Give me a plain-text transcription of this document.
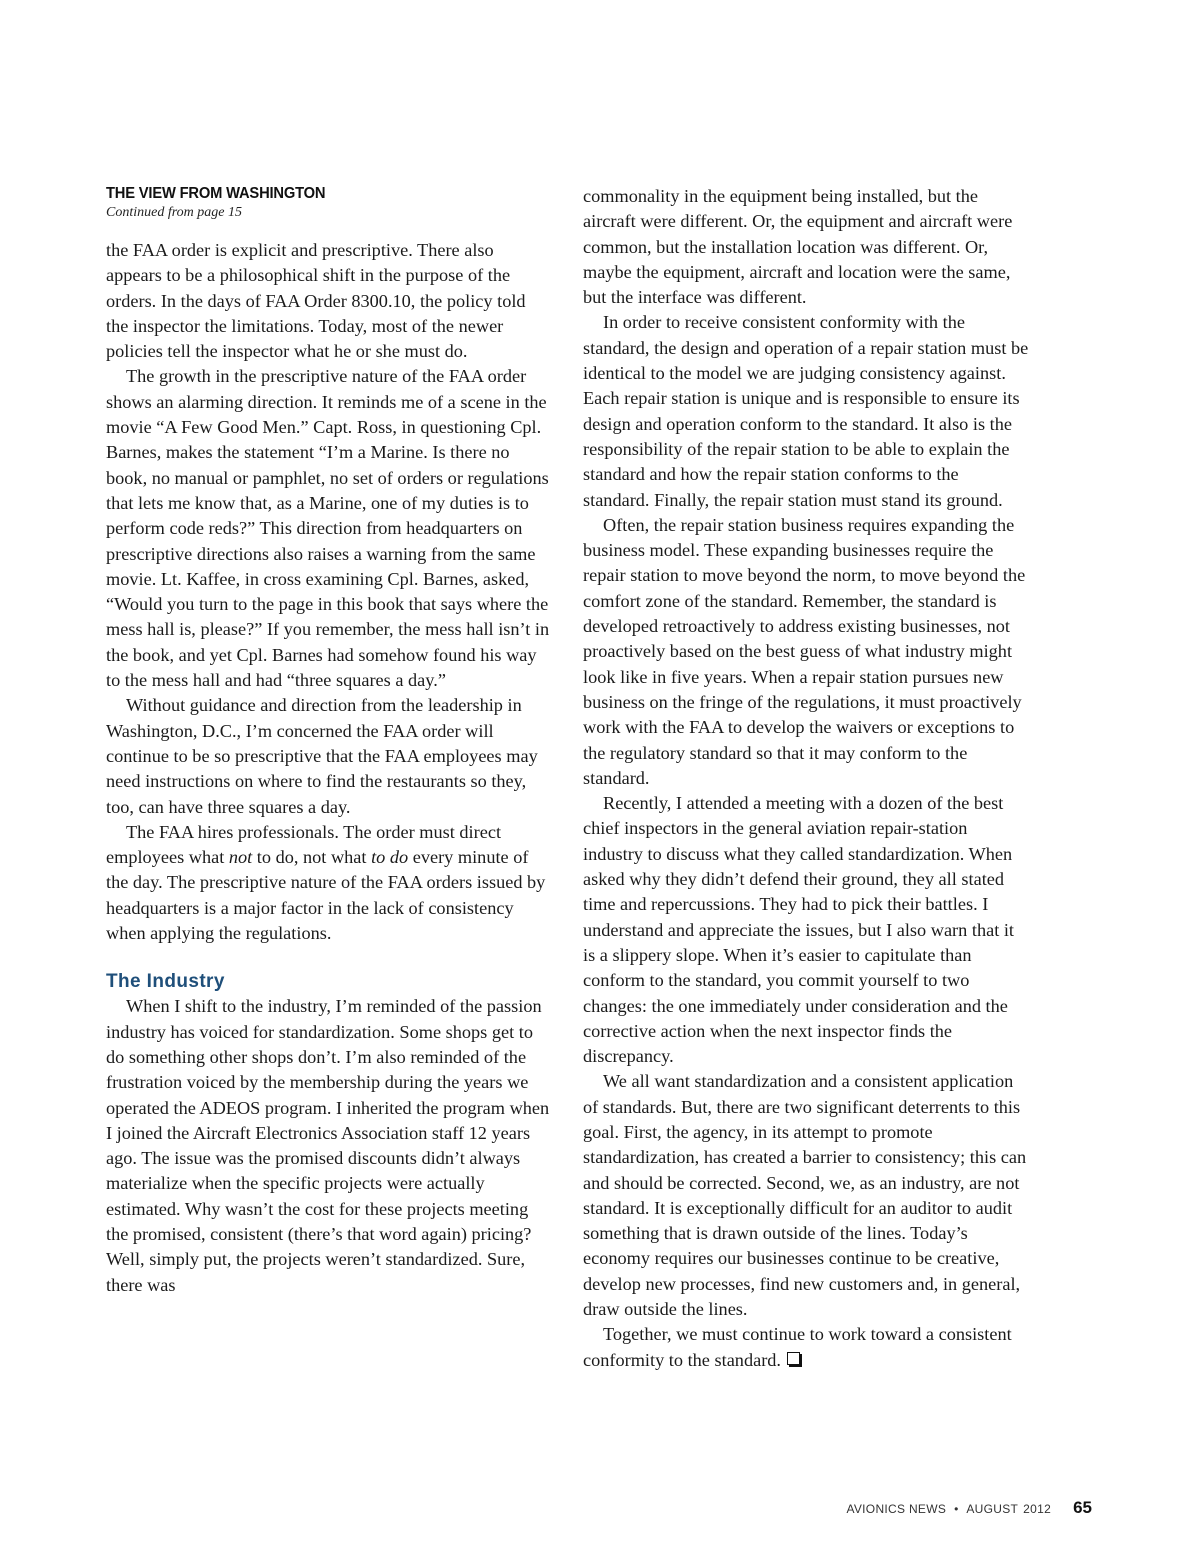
THE VIEW FROM WASHINGTON
Continued from page 15

the FAA order is explicit and prescriptive. There also appears to be a philosophical shift in the purpose of the orders. In the days of FAA Order 8300.10, the policy told the inspector the limitations. Today, most of the newer policies tell the inspector what he or she must do.

The growth in the prescriptive nature of the FAA order shows an alarming direction. It reminds me of a scene in the movie “A Few Good Men.” Capt. Ross, in questioning Cpl. Barnes, makes the statement “I’m a Marine. Is there no book, no manual or pamphlet, no set of orders or regulations that lets me know that, as a Marine, one of my duties is to perform code reds?” This direction from headquarters on prescriptive directions also raises a warning from the same movie. Lt. Kaffee, in cross examining Cpl. Barnes, asked, “Would you turn to the page in this book that says where the mess hall is, please?” If you remember, the mess hall isn’t in the book, and yet Cpl. Barnes had somehow found his way to the mess hall and had “three squares a day.”

Without guidance and direction from the leadership in Washington, D.C., I’m concerned the FAA order will continue to be so prescriptive that the FAA employees may need instructions on where to find the restaurants so they, too, can have three squares a day.

The FAA hires professionals. The order must direct employees what not to do, not what to do every minute of the day. The prescriptive nature of the FAA orders issued by headquarters is a major factor in the lack of consistency when applying the regulations.

The Industry

When I shift to the industry, I’m reminded of the passion industry has voiced for standardization. Some shops get to do something other shops don’t. I’m also reminded of the frustration voiced by the membership during the years we operated the ADEOS program. I inherited the program when I joined the Aircraft Electronics Association staff 12 years ago. The issue was the promised discounts didn’t always materialize when the specific projects were actually estimated. Why wasn’t the cost for these projects meeting the promised, consistent (there’s that word again) pricing? Well, simply put, the projects weren’t standardized. Sure, there was

commonality in the equipment being installed, but the aircraft were different. Or, the equipment and aircraft were common, but the installation location was different. Or, maybe the equipment, aircraft and location were the same, but the interface was different.

In order to receive consistent conformity with the standard, the design and operation of a repair station must be identical to the model we are judging consistency against. Each repair station is unique and is responsible to ensure its design and operation conform to the standard. It also is the responsibility of the repair station to be able to explain the standard and how the repair station conforms to the standard. Finally, the repair station must stand its ground.

Often, the repair station business requires expanding the business model. These expanding businesses require the repair station to move beyond the norm, to move beyond the comfort zone of the standard. Remember, the standard is developed retroactively to address existing businesses, not proactively based on the best guess of what industry might look like in five years. When a repair station pursues new business on the fringe of the regulations, it must proactively work with the FAA to develop the waivers or exceptions to the regulatory standard so that it may conform to the standard.

Recently, I attended a meeting with a dozen of the best chief inspectors in the general aviation repair-station industry to discuss what they called standardization. When asked why they didn’t defend their ground, they all stated time and repercussions. They had to pick their battles. I understand and appreciate the issues, but I also warn that it is a slippery slope. When it’s easier to capitulate than conform to the standard, you commit yourself to two changes: the one immediately under consideration and the corrective action when the next inspector finds the discrepancy.

We all want standardization and a consistent application of standards. But, there are two significant deterrents to this goal. First, the agency, in its attempt to promote standardization, has created a barrier to consistency; this can and should be corrected. Second, we, as an industry, are not standard. It is exceptionally difficult for an auditor to audit something that is drawn outside of the lines. Today’s economy requires our businesses continue to be creative, develop new processes, find new customers and, in general, draw outside the lines.

Together, we must continue to work toward a consistent conformity to the standard.

AVIONICS NEWS • AUGUST 2012 65
